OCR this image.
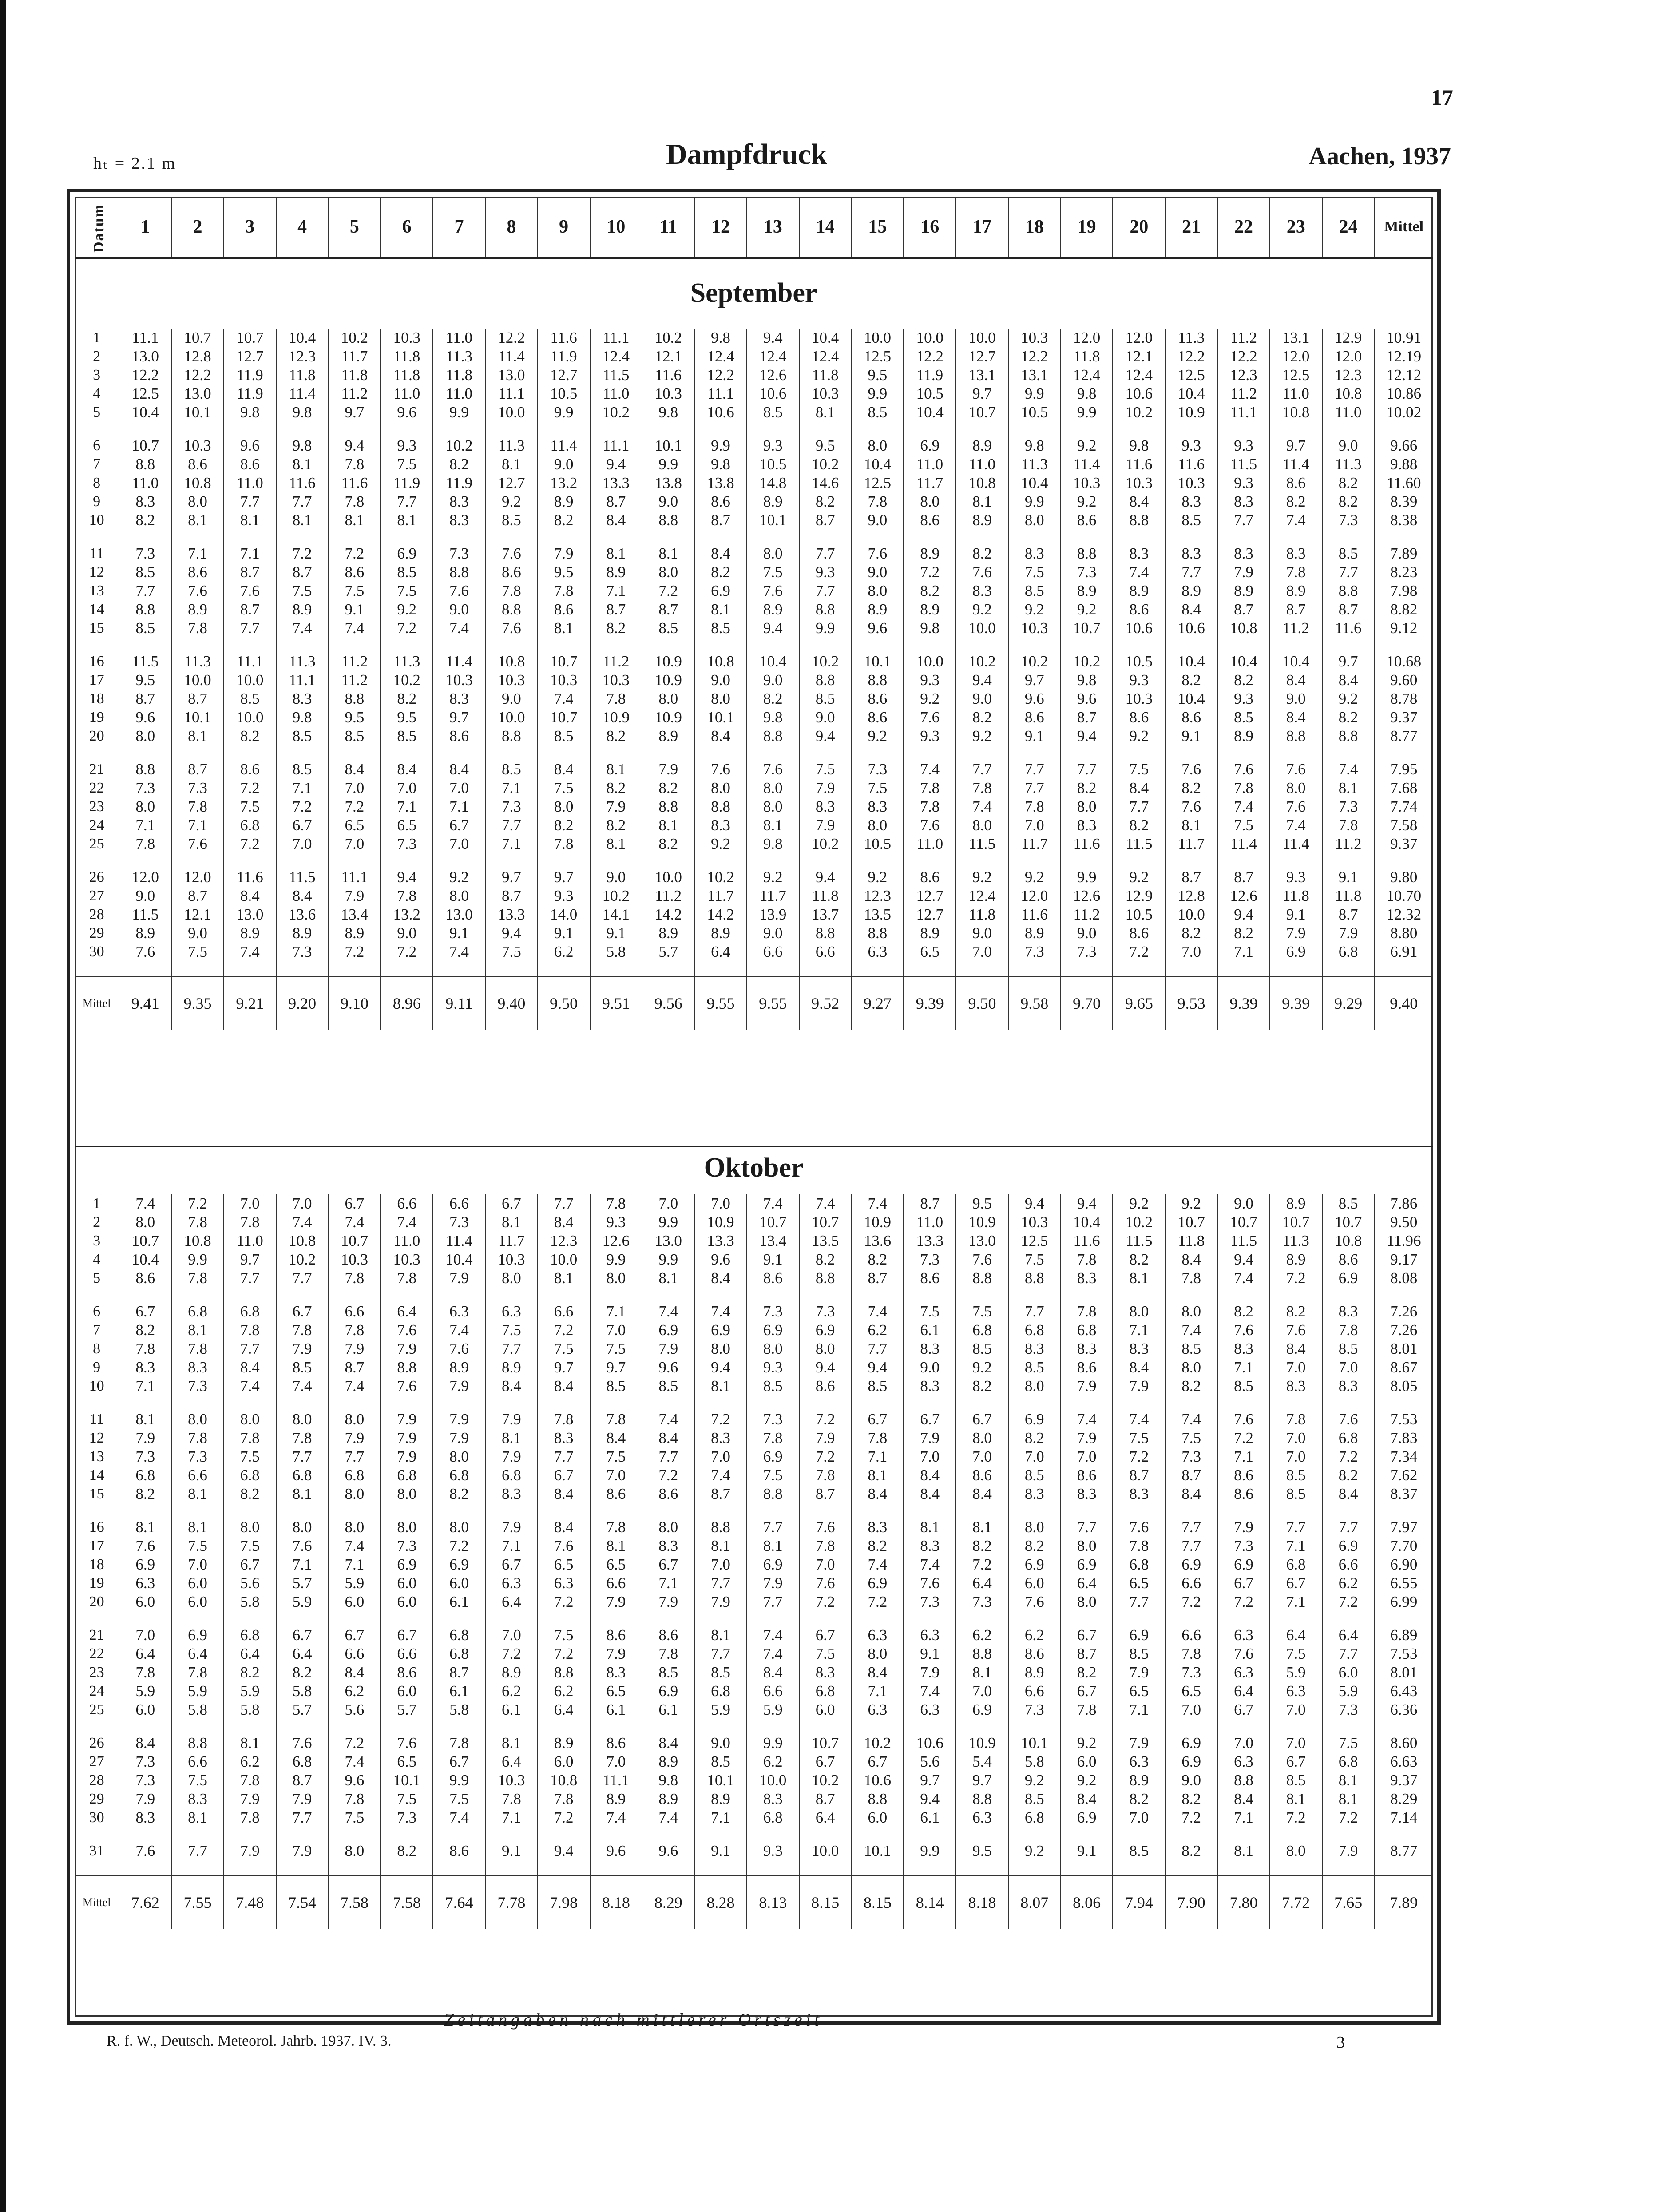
17
hₜ = 2.1 m	Dampfdruck	Aachen, 1937
Datum	1	2	3	4	5	6	7	8	9	10	11	12	13	14	15	16	17	18	19	20	21	22	23	24	Mittel
September
1	11.1	10.7	10.7	10.4	10.2	10.3	11.0	12.2	11.6	11.1	10.2	9.8	9.4	10.4	10.0	10.0	10.0	10.3	12.0	12.0	11.3	11.2	13.1	12.9	10.91
2	13.0	12.8	12.7	12.3	11.7	11.8	11.3	11.4	11.9	12.4	12.1	12.4	12.4	12.4	12.5	12.2	12.7	12.2	11.8	12.1	12.2	12.2	12.0	12.0	12.19
3	12.2	12.2	11.9	11.8	11.8	11.8	11.8	13.0	12.7	11.5	11.6	12.2	12.6	11.8	9.5	11.9	13.1	13.1	12.4	12.4	12.5	12.3	12.5	12.3	12.12
4	12.5	13.0	11.9	11.4	11.2	11.0	11.0	11.1	10.5	11.0	10.3	11.1	10.6	10.3	9.9	10.5	9.7	9.9	9.8	10.6	10.4	11.2	11.0	10.8	10.86
5	10.4	10.1	9.8	9.8	9.7	9.6	9.9	10.0	9.9	10.2	9.8	10.6	8.5	8.1	8.5	10.4	10.7	10.5	9.9	10.2	10.9	11.1	10.8	11.0	10.02

6	10.7	10.3	9.6	9.8	9.4	9.3	10.2	11.3	11.4	11.1	10.1	9.9	9.3	9.5	8.0	6.9	8.9	9.8	9.2	9.8	9.3	9.3	9.7	9.0	9.66
7	8.8	8.6	8.6	8.1	7.8	7.5	8.2	8.1	9.0	9.4	9.9	9.8	10.5	10.2	10.4	11.0	11.0	11.3	11.4	11.6	11.6	11.5	11.4	11.3	9.88
8	11.0	10.8	11.0	11.6	11.6	11.9	11.9	12.7	13.2	13.3	13.8	13.8	14.8	14.6	12.5	11.7	10.8	10.4	10.3	10.3	10.3	9.3	8.6	8.2	11.60
9	8.3	8.0	7.7	7.7	7.8	7.7	8.3	9.2	8.9	8.7	9.0	8.6	8.9	8.2	7.8	8.0	8.1	9.9	9.2	8.4	8.3	8.3	8.2	8.2	8.39
10	8.2	8.1	8.1	8.1	8.1	8.1	8.3	8.5	8.2	8.4	8.8	8.7	10.1	8.7	9.0	8.6	8.9	8.0	8.6	8.8	8.5	7.7	7.4	7.3	8.38

11	7.3	7.1	7.1	7.2	7.2	6.9	7.3	7.6	7.9	8.1	8.1	8.4	8.0	7.7	7.6	8.9	8.2	8.3	8.8	8.3	8.3	8.3	8.3	8.5	7.89
12	8.5	8.6	8.7	8.7	8.6	8.5	8.8	8.6	9.5	8.9	8.0	8.2	7.5	9.3	9.0	7.2	7.6	7.5	7.3	7.4	7.7	7.9	7.8	7.7	8.23
13	7.7	7.6	7.6	7.5	7.5	7.5	7.6	7.8	7.8	7.1	7.2	6.9	7.6	7.7	8.0	8.2	8.3	8.5	8.9	8.9	8.9	8.9	8.9	8.8	7.98
14	8.8	8.9	8.7	8.9	9.1	9.2	9.0	8.8	8.6	8.7	8.7	8.1	8.9	8.8	8.9	8.9	9.2	9.2	9.2	8.6	8.4	8.7	8.7	8.7	8.82
15	8.5	7.8	7.7	7.4	7.4	7.2	7.4	7.6	8.1	8.2	8.5	8.5	9.4	9.9	9.6	9.8	10.0	10.3	10.7	10.6	10.6	10.8	11.2	11.6	9.12

16	11.5	11.3	11.1	11.3	11.2	11.3	11.4	10.8	10.7	11.2	10.9	10.8	10.4	10.2	10.1	10.0	10.2	10.2	10.2	10.5	10.4	10.4	10.4	9.7	10.68
17	9.5	10.0	10.0	11.1	11.2	10.2	10.3	10.3	10.3	10.3	10.9	9.0	9.0	8.8	8.8	9.3	9.4	9.7	9.8	9.3	8.2	8.2	8.4	8.4	9.60
18	8.7	8.7	8.5	8.3	8.8	8.2	8.3	9.0	7.4	7.8	8.0	8.0	8.2	8.5	8.6	9.2	9.0	9.6	9.6	10.3	10.4	9.3	9.0	9.2	8.78
19	9.6	10.1	10.0	9.8	9.5	9.5	9.7	10.0	10.7	10.9	10.9	10.1	9.8	9.0	8.6	7.6	8.2	8.6	8.7	8.6	8.6	8.5	8.4	8.2	9.37
20	8.0	8.1	8.2	8.5	8.5	8.5	8.6	8.8	8.5	8.2	8.9	8.4	8.8	9.4	9.2	9.3	9.2	9.1	9.4	9.2	9.1	8.9	8.8	8.8	8.77

21	8.8	8.7	8.6	8.5	8.4	8.4	8.4	8.5	8.4	8.1	7.9	7.6	7.6	7.5	7.3	7.4	7.7	7.7	7.7	7.5	7.6	7.6	7.6	7.4	7.95
22	7.3	7.3	7.2	7.1	7.0	7.0	7.0	7.1	7.5	8.2	8.2	8.0	8.0	7.9	7.5	7.8	7.8	7.7	8.2	8.4	8.2	7.8	8.0	8.1	7.68
23	8.0	7.8	7.5	7.2	7.2	7.1	7.1	7.3	8.0	7.9	8.8	8.8	8.0	8.3	8.3	7.8	7.4	7.8	8.0	7.7	7.6	7.4	7.6	7.3	7.74
24	7.1	7.1	6.8	6.7	6.5	6.5	6.7	7.7	8.2	8.2	8.1	8.3	8.1	7.9	8.0	7.6	8.0	7.0	8.3	8.2	8.1	7.5	7.4	7.8	7.58
25	7.8	7.6	7.2	7.0	7.0	7.3	7.0	7.1	7.8	8.1	8.2	9.2	9.8	10.2	10.5	11.0	11.5	11.7	11.6	11.5	11.7	11.4	11.4	11.2	9.37

26	12.0	12.0	11.6	11.5	11.1	9.4	9.2	9.7	9.7	9.0	10.0	10.2	9.2	9.4	9.2	8.6	9.2	9.2	9.9	9.2	8.7	8.7	9.3	9.1	9.80
27	9.0	8.7	8.4	8.4	7.9	7.8	8.0	8.7	9.3	10.2	11.2	11.7	11.7	11.8	12.3	12.7	12.4	12.0	12.6	12.9	12.8	12.6	11.8	11.8	10.70
28	11.5	12.1	13.0	13.6	13.4	13.2	13.0	13.3	14.0	14.1	14.2	14.2	13.9	13.7	13.5	12.7	11.8	11.6	11.2	10.5	10.0	9.4	9.1	8.7	12.32
29	8.9	9.0	8.9	8.9	8.9	9.0	9.1	9.4	9.1	9.1	8.9	8.9	9.0	8.8	8.8	8.9	9.0	8.9	9.0	8.6	8.2	8.2	7.9	7.9	8.80
30	7.6	7.5	7.4	7.3	7.2	7.2	7.4	7.5	6.2	5.8	5.7	6.4	6.6	6.6	6.3	6.5	7.0	7.3	7.3	7.2	7.0	7.1	6.9	6.8	6.91

Mittel	9.41	9.35	9.21	9.20	9.10	8.96	9.11	9.40	9.50	9.51	9.56	9.55	9.55	9.52	9.27	9.39	9.50	9.58	9.70	9.65	9.53	9.39	9.39	9.29	9.40
Oktober
1	7.4	7.2	7.0	7.0	6.7	6.6	6.6	6.7	7.7	7.8	7.0	7.0	7.4	7.4	7.4	8.7	9.5	9.4	9.4	9.2	9.2	9.0	8.9	8.5	7.86
2	8.0	7.8	7.8	7.4	7.4	7.4	7.3	8.1	8.4	9.3	9.9	10.9	10.7	10.7	10.9	11.0	10.9	10.3	10.4	10.2	10.7	10.7	10.7	10.7	9.50
3	10.7	10.8	11.0	10.8	10.7	11.0	11.4	11.7	12.3	12.6	13.0	13.3	13.4	13.5	13.6	13.3	13.0	12.5	11.6	11.5	11.8	11.5	11.3	10.8	11.96
4	10.4	9.9	9.7	10.2	10.3	10.3	10.4	10.3	10.0	9.9	9.9	9.6	9.1	8.2	8.2	7.3	7.6	7.5	7.8	8.2	8.4	9.4	8.9	8.6	9.17
5	8.6	7.8	7.7	7.7	7.8	7.8	7.9	8.0	8.1	8.0	8.1	8.4	8.6	8.8	8.7	8.6	8.8	8.8	8.3	8.1	7.8	7.4	7.2	6.9	8.08

6	6.7	6.8	6.8	6.7	6.6	6.4	6.3	6.3	6.6	7.1	7.4	7.4	7.3	7.3	7.4	7.5	7.5	7.7	7.8	8.0	8.0	8.2	8.2	8.3	7.26
7	8.2	8.1	7.8	7.8	7.8	7.6	7.4	7.5	7.2	7.0	6.9	6.9	6.9	6.9	6.2	6.1	6.8	6.8	6.8	7.1	7.4	7.6	7.6	7.8	7.26
8	7.8	7.8	7.7	7.9	7.9	7.9	7.6	7.7	7.5	7.5	7.9	8.0	8.0	8.0	7.7	8.3	8.5	8.3	8.3	8.3	8.5	8.3	8.4	8.5	8.01
9	8.3	8.3	8.4	8.5	8.7	8.8	8.9	8.9	9.7	9.7	9.6	9.4	9.3	9.4	9.4	9.0	9.2	8.5	8.6	8.4	8.0	7.1	7.0	7.0	8.67
10	7.1	7.3	7.4	7.4	7.4	7.6	7.9	8.4	8.4	8.5	8.5	8.1	8.5	8.6	8.5	8.3	8.2	8.0	7.9	7.9	8.2	8.5	8.3	8.3	8.05

11	8.1	8.0	8.0	8.0	8.0	7.9	7.9	7.9	7.8	7.8	7.4	7.2	7.3	7.2	6.7	6.7	6.7	6.9	7.4	7.4	7.4	7.6	7.8	7.6	7.53
12	7.9	7.8	7.8	7.8	7.9	7.9	7.9	8.1	8.3	8.4	8.4	8.3	7.8	7.9	7.8	7.9	8.0	8.2	7.9	7.5	7.5	7.2	7.0	6.8	7.83
13	7.3	7.3	7.5	7.7	7.7	7.9	8.0	7.9	7.7	7.5	7.7	7.0	6.9	7.2	7.1	7.0	7.0	7.0	7.0	7.2	7.3	7.1	7.0	7.2	7.34
14	6.8	6.6	6.8	6.8	6.8	6.8	6.8	6.8	6.7	7.0	7.2	7.4	7.5	7.8	8.1	8.4	8.6	8.5	8.6	8.7	8.7	8.6	8.5	8.2	7.62
15	8.2	8.1	8.2	8.1	8.0	8.0	8.2	8.3	8.4	8.6	8.6	8.7	8.8	8.7	8.4	8.4	8.4	8.3	8.3	8.3	8.4	8.6	8.5	8.4	8.37

16	8.1	8.1	8.0	8.0	8.0	8.0	8.0	7.9	8.4	7.8	8.0	8.8	7.7	7.6	8.3	8.1	8.1	8.0	7.7	7.6	7.7	7.9	7.7	7.7	7.97
17	7.6	7.5	7.5	7.6	7.4	7.3	7.2	7.1	7.6	8.1	8.3	8.1	8.1	7.8	8.2	8.3	8.2	8.2	8.0	7.8	7.7	7.3	7.1	6.9	7.70
18	6.9	7.0	6.7	7.1	7.1	6.9	6.9	6.7	6.5	6.5	6.7	7.0	6.9	7.0	7.4	7.4	7.2	6.9	6.9	6.8	6.9	6.9	6.8	6.6	6.90
19	6.3	6.0	5.6	5.7	5.9	6.0	6.0	6.3	6.3	6.6	7.1	7.7	7.9	7.6	6.9	7.6	6.4	6.0	6.4	6.5	6.6	6.7	6.7	6.2	6.55
20	6.0	6.0	5.8	5.9	6.0	6.0	6.1	6.4	7.2	7.9	7.9	7.9	7.7	7.2	7.2	7.3	7.3	7.6	8.0	7.7	7.2	7.2	7.1	7.2	6.99

21	7.0	6.9	6.8	6.7	6.7	6.7	6.8	7.0	7.5	8.6	8.6	8.1	7.4	6.7	6.3	6.3	6.2	6.2	6.7	6.9	6.6	6.3	6.4	6.4	6.89
22	6.4	6.4	6.4	6.4	6.6	6.6	6.8	7.2	7.2	7.9	7.8	7.7	7.4	7.5	8.0	9.1	8.8	8.6	8.7	8.5	7.8	7.6	7.5	7.7	7.53
23	7.8	7.8	8.2	8.2	8.4	8.6	8.7	8.9	8.8	8.3	8.5	8.5	8.4	8.3	8.4	7.9	8.1	8.9	8.2	7.9	7.3	6.3	5.9	6.0	8.01
24	5.9	5.9	5.9	5.8	6.2	6.0	6.1	6.2	6.2	6.5	6.9	6.8	6.6	6.8	7.1	7.4	7.0	6.6	6.7	6.5	6.5	6.4	6.3	5.9	6.43
25	6.0	5.8	5.8	5.7	5.6	5.7	5.8	6.1	6.4	6.1	6.1	5.9	5.9	6.0	6.3	6.3	6.9	7.3	7.8	7.1	7.0	6.7	7.0	7.3	6.36

26	8.4	8.8	8.1	7.6	7.2	7.6	7.8	8.1	8.9	8.6	8.4	9.0	9.9	10.7	10.2	10.6	10.9	10.1	9.2	7.9	6.9	7.0	7.0	7.5	8.60
27	7.3	6.6	6.2	6.8	7.4	6.5	6.7	6.4	6.0	7.0	8.9	8.5	6.2	6.7	6.7	5.6	5.4	5.8	6.0	6.3	6.9	6.3	6.7	6.8	6.63
28	7.3	7.5	7.8	8.7	9.6	10.1	9.9	10.3	10.8	11.1	9.8	10.1	10.0	10.2	10.6	9.7	9.7	9.2	9.2	8.9	9.0	8.8	8.5	8.1	9.37
29	7.9	8.3	7.9	7.9	7.8	7.5	7.5	7.8	7.8	8.9	8.9	8.9	8.3	8.7	8.8	9.4	8.8	8.5	8.4	8.2	8.2	8.4	8.1	8.1	8.29
30	8.3	8.1	7.8	7.7	7.5	7.3	7.4	7.1	7.2	7.4	7.4	7.1	6.8	6.4	6.0	6.1	6.3	6.8	6.9	7.0	7.2	7.1	7.2	7.2	7.14

31	7.6	7.7	7.9	7.9	8.0	8.2	8.6	9.1	9.4	9.6	9.6	9.1	9.3	10.0	10.1	9.9	9.5	9.2	9.1	8.5	8.2	8.1	8.0	7.9	8.77

Mittel	7.62	7.55	7.48	7.54	7.58	7.58	7.64	7.78	7.98	8.18	8.29	8.28	8.13	8.15	8.15	8.14	8.18	8.07	8.06	7.94	7.90	7.80	7.72	7.65	7.89
Zeitangaben nach mittlerer Ortszeit
R. f. W., Deutsch. Meteorol. Jahrb. 1937. IV. 3.	3
